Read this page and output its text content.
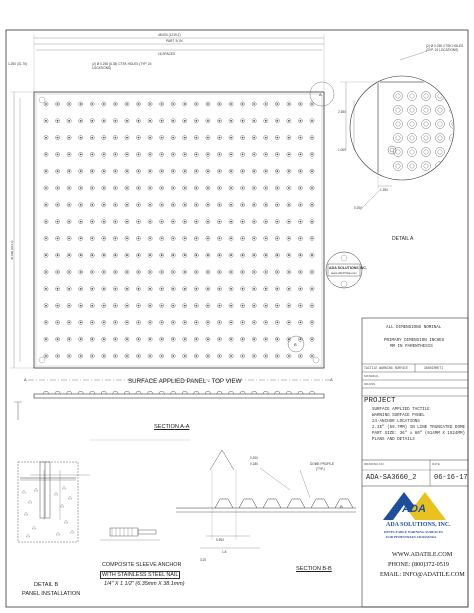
ADA
48.000 (1219.2)
PART 'A' IN
16 SPACES
(2) Ø 0.250 (6.35) CTSK HOLES (TYP. 24 LOCATIONS)
1.250 (31.75)
36.000 (914.4)
(2) Ø 0.250 CTSK HOLES (TYP. 24 LOCATIONS)
2.350
1.000
1.250
0.200
DETAIL A
A
B
ADA SOLUTIONS INC.
www.ADATILE.com
SURFACE APPLIED PANEL - TOP VIEW
A	A
SECTION A-A
0.200
0.180	DOME PROFILE
(TYP.)
0.900
1.8
3.20
SECTION B-B
B
DETAIL B
PANEL INSTALLATION
COMPOSITE SLEEVE ANCHOR
WITH STAINLESS STEEL NAIL
1/4" X 1 1/2" (6.35mm X 38.1mm)
ALL DIMENSIONS NOMINAL
PRIMARY DIMENSION INCHES
MM IN PARENTHESIS
TACTILE WARNING SURFACE	3660IRRETI
MATERIAL
DRAWN
PROJECT
SURFACE APPLIED TACTILE
WARNING SURFACE PANEL
24-ANCHOR LOCATIONS
2.35" (59.7MM) IN LINE TRUNCATED DOME
PART SIZE: 36" x 60" (914MM X 1524MM)
PLANS AND DETAILS
DRAWING NO.	DATE
ADA-SA3660_2	06-16-17
ADA SOLUTIONS, INC.
DETECTABLE WARNING SURFACES
FOR PEDESTRIAN CROSSINGS
WWW.ADATILE.COM
PHONE: (800)372-0519
EMAIL: INFO@ADATILE.COM
